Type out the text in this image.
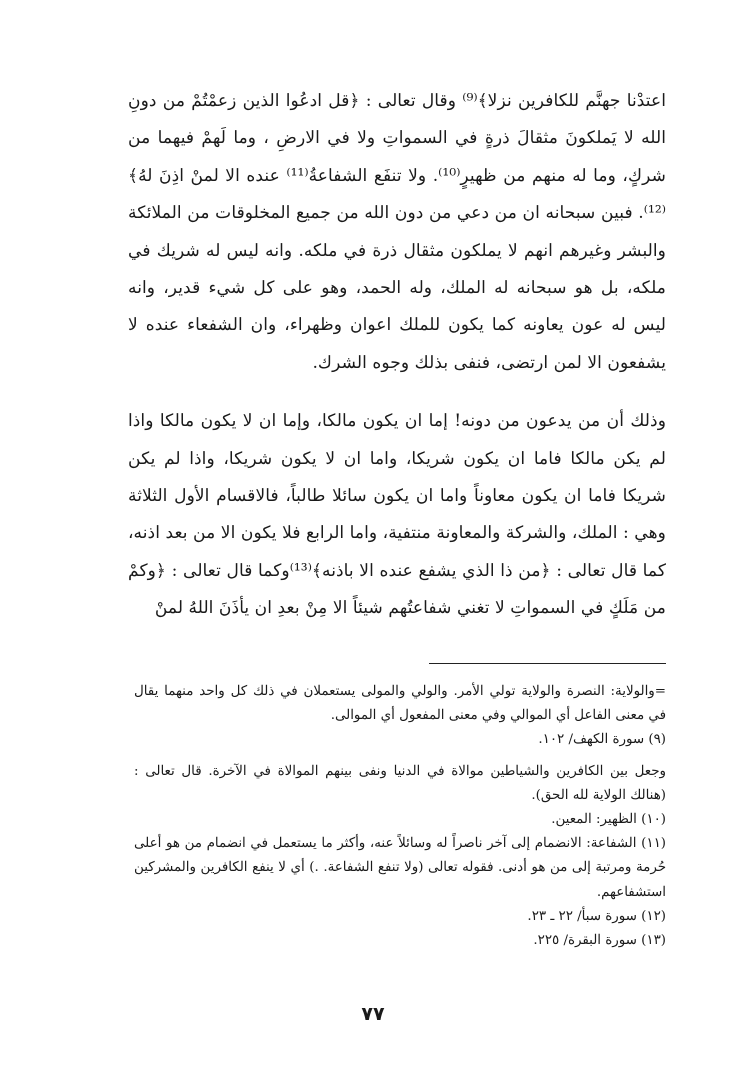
اعتدْنا جهنَّم للكافرين نزلا﴾⁽⁹⁾ وقال تعالى : ﴿قل ادعُوا الذين زعمْتُمْ من دونِ الله لا يَملكونَ مثقالَ ذرةٍ في السمواتِ ولا في الارضِ ، وما لَهمْ فيهما من شركٍ، وما له منهم من ظهيرٍ⁽¹⁰⁾. ولا تنفَع الشفاعةُ⁽¹¹⁾ عنده الا لمنْ اذِنَ لهُ﴾⁽¹²⁾. فبين سبحانه ان من دعي من دون الله من جميع المخلوقات من الملائكة والبشر وغيرهم انهم لا يملكون مثقال ذرة في ملكه. وانه ليس له شريك في ملكه، بل هو سبحانه له الملك، وله الحمد، وهو على كل شيء قدير، وانه ليس له عون يعاونه كما يكون للملك اعوان وظهراء، وان الشفعاء عنده لا يشفعون الا لمن ارتضى، فنفى بذلك وجوه الشرك.

وذلك أن من يدعون من دونه! إما ان يكون مالكا، وإما ان لا يكون مالكا واذا لم يكن مالكا فاما ان يكون شريكا، واما ان لا يكون شريكا، واذا لم يكن شريكا فاما ان يكون معاوناً واما ان يكون سائلا طالباً، فالاقسام الأول الثلاثة وهي : الملك، والشركة والمعاونة منتفية، واما الرابع فلا يكون الا من بعد اذنه، كما قال تعالى : ﴿من ذا الذي يشفع عنده الا باذنه﴾⁽¹³⁾وكما قال تعالى : ﴿وكمْ من مَلَكٍ في السمواتِ لا تغني شفاعتُهم شيئاً الا مِنْ بعدِ ان يأذَنَ اللهُ لمنْ

=والولاية: النصرة والولاية تولي الأمر. والولي والمولى يستعملان في ذلك كل واحد منهما يقال في معنى الفاعل أي الموالي وفي معنى المفعول أي الموالى.

(٩) سورة الكهف/ ١٠٢.

وجعل بين الكافرين والشياطين موالاة في الدنيا ونفى بينهم الموالاة في الآخرة. قال تعالى : (هنالك الولاية لله الحق).

(١٠) الظهير: المعين.

(١١) الشفاعة: الانضمام إلى آخر ناصراً له وسائلاً عنه، وأكثر ما يستعمل في انضمام من هو أعلى حُرمة ومرتبة إلى من هو أدنى. فقوله تعالى (ولا تنفع الشفاعة. .) أي لا ينفع الكافرين والمشركين استشفاعهم.

(١٢) سورة سبأ/ ٢٢ ـ ٢٣.

(١٣) سورة البقرة/ ٢٢٥.

٧٧
